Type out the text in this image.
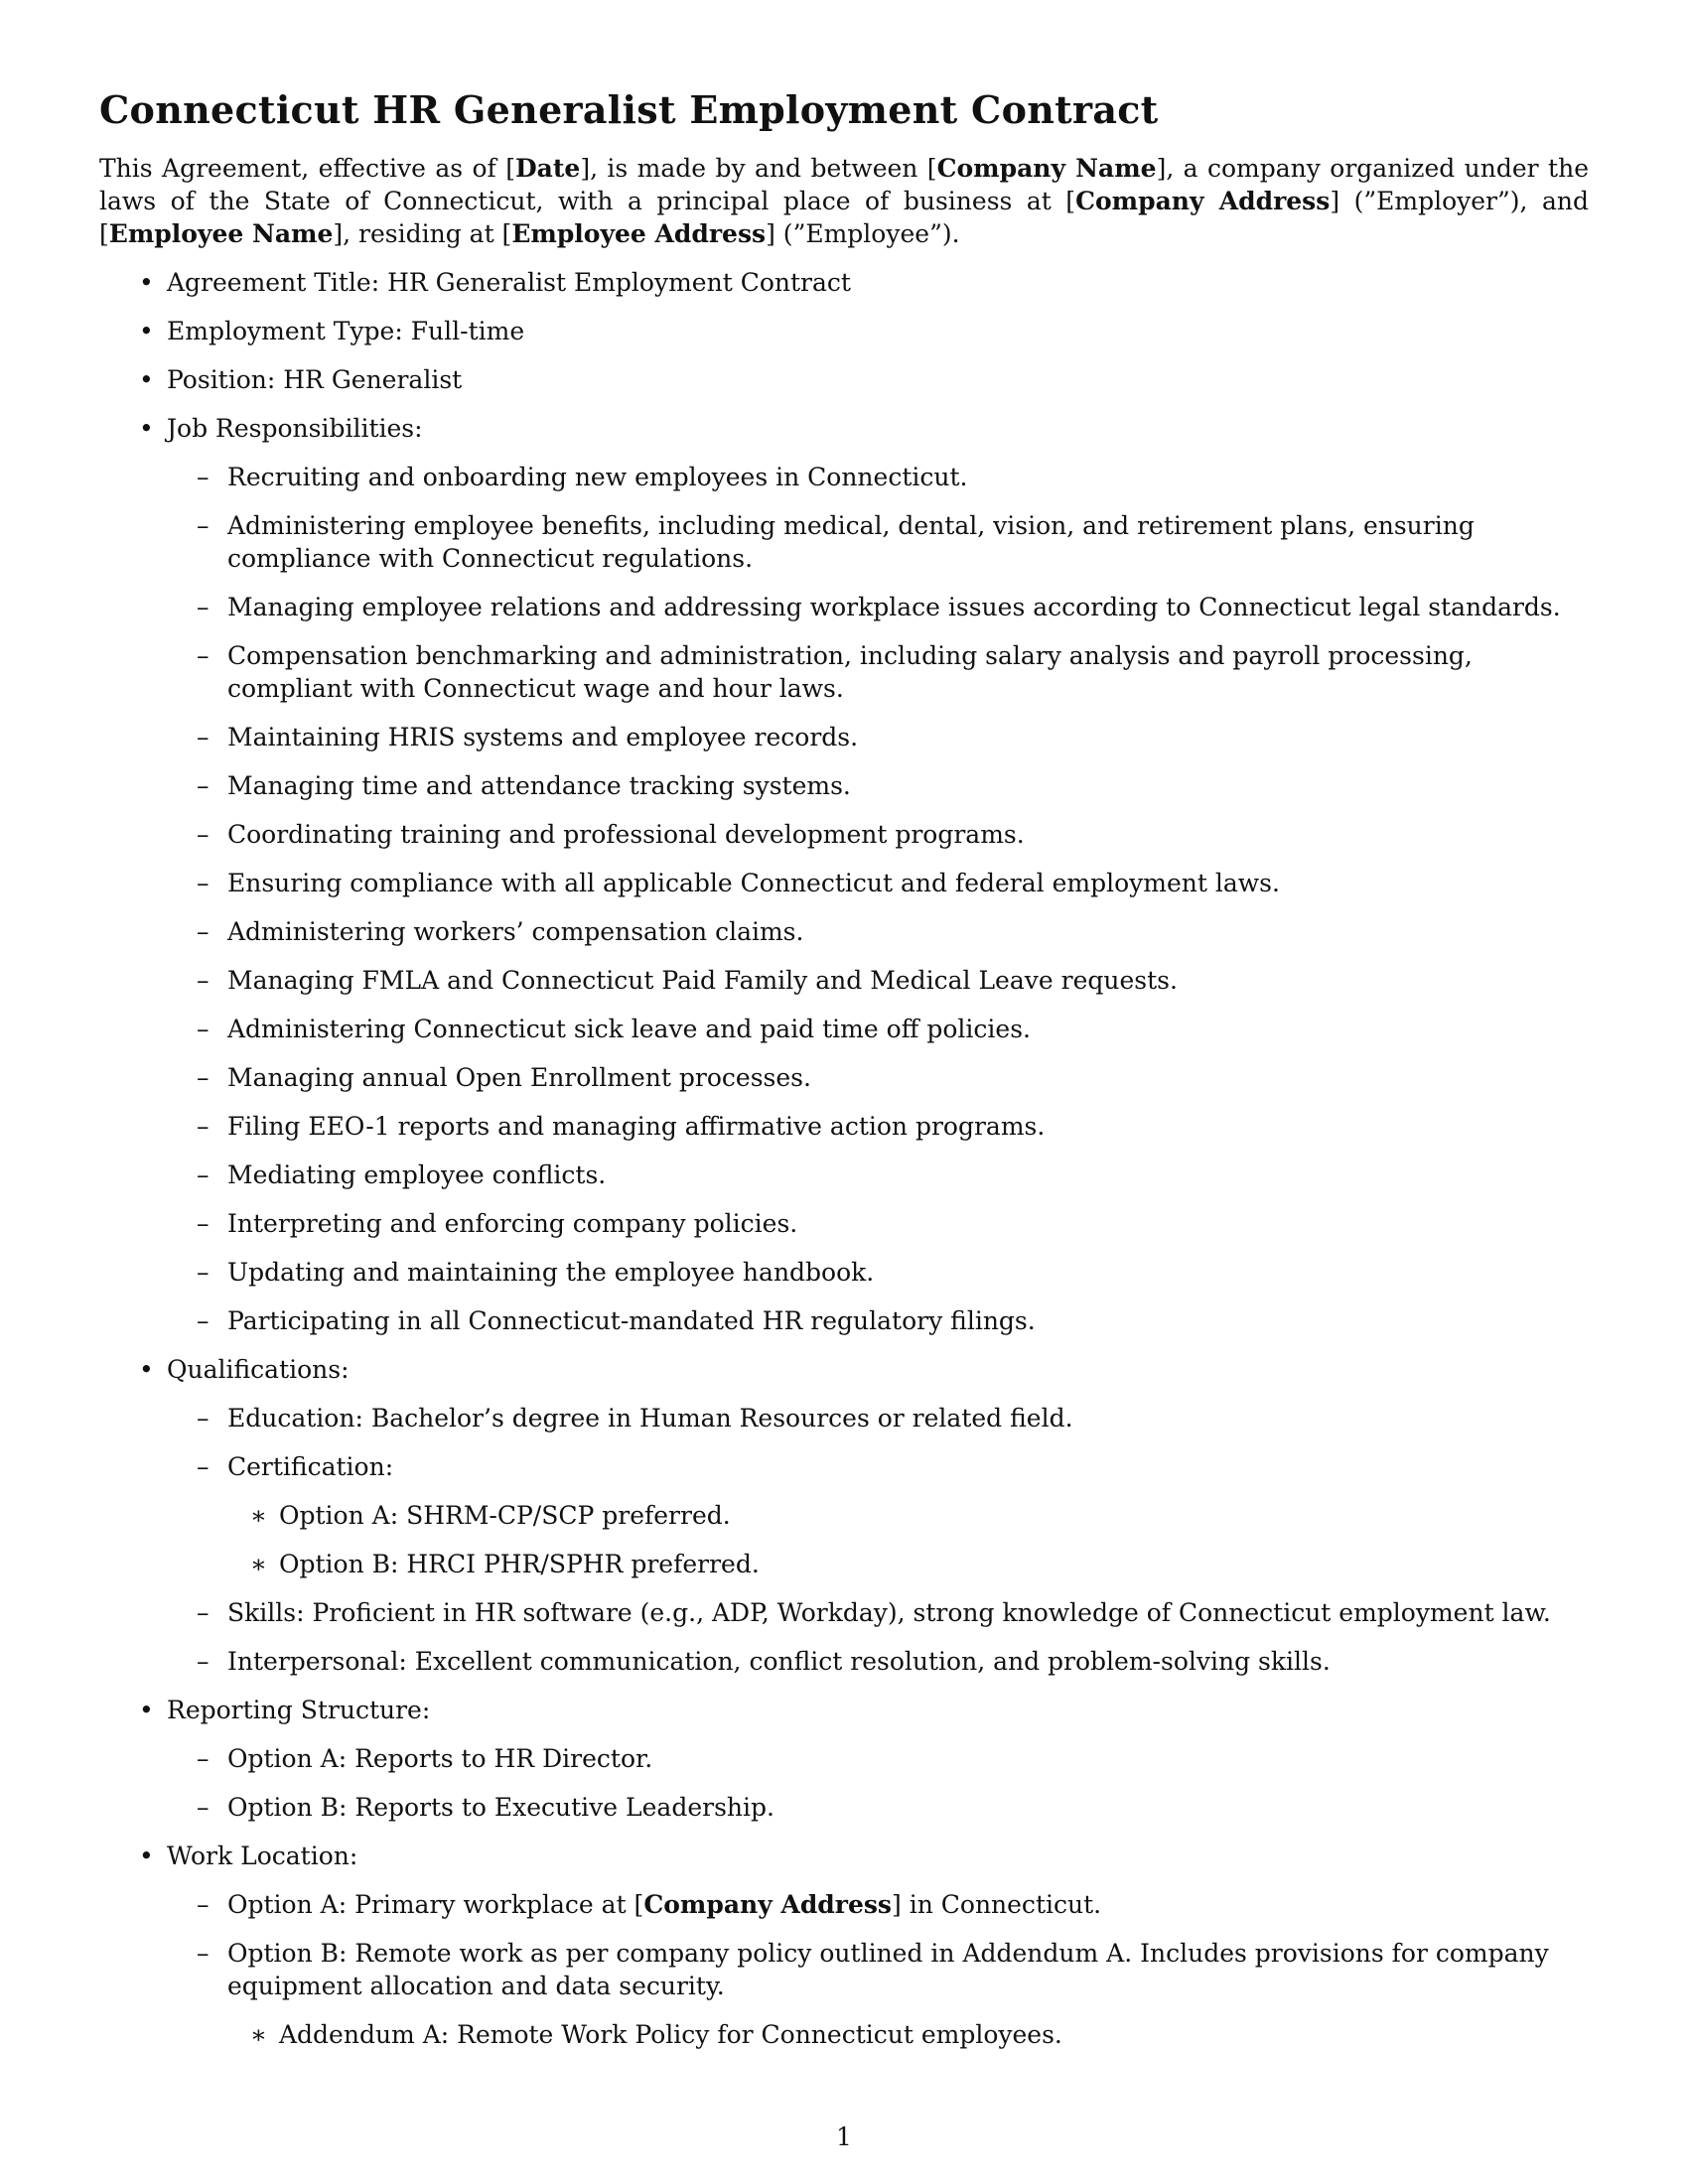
Connecticut HR Generalist Employment Contract

This Agreement, effective as of [Date], is made by and between [Company Name], a company organized under the laws of the State of Connecticut, with a principal place of business at [Company Address] (”Employer”), and [Employee Name], residing at [Employee Address] (”Employee”).

• Agreement Title: HR Generalist Employment Contract
• Employment Type: Full-time
• Position: HR Generalist
• Job Responsibilities:
– Recruiting and onboarding new employees in Connecticut.
– Administering employee benefits, including medical, dental, vision, and retirement plans, ensuring compliance with Connecticut regulations.
– Managing employee relations and addressing workplace issues according to Connecticut legal standards.
– Compensation benchmarking and administration, including salary analysis and payroll processing, compliant with Connecticut wage and hour laws.
– Maintaining HRIS systems and employee records.
– Managing time and attendance tracking systems.
– Coordinating training and professional development programs.
– Ensuring compliance with all applicable Connecticut and federal employment laws.
– Administering workers’ compensation claims.
– Managing FMLA and Connecticut Paid Family and Medical Leave requests.
– Administering Connecticut sick leave and paid time off policies.
– Managing annual Open Enrollment processes.
– Filing EEO-1 reports and managing affirmative action programs.
– Mediating employee conflicts.
– Interpreting and enforcing company policies.
– Updating and maintaining the employee handbook.
– Participating in all Connecticut-mandated HR regulatory filings.
• Qualifications:
– Education: Bachelor’s degree in Human Resources or related field.
– Certification:
∗ Option A: SHRM-CP/SCP preferred.
∗ Option B: HRCI PHR/SPHR preferred.
– Skills: Proficient in HR software (e.g., ADP, Workday), strong knowledge of Connecticut employment law.
– Interpersonal: Excellent communication, conflict resolution, and problem-solving skills.
• Reporting Structure:
– Option A: Reports to HR Director.
– Option B: Reports to Executive Leadership.
• Work Location:
– Option A: Primary workplace at [Company Address] in Connecticut.
– Option B: Remote work as per company policy outlined in Addendum A. Includes provisions for company equipment allocation and data security.
∗ Addendum A: Remote Work Policy for Connecticut employees.
1
